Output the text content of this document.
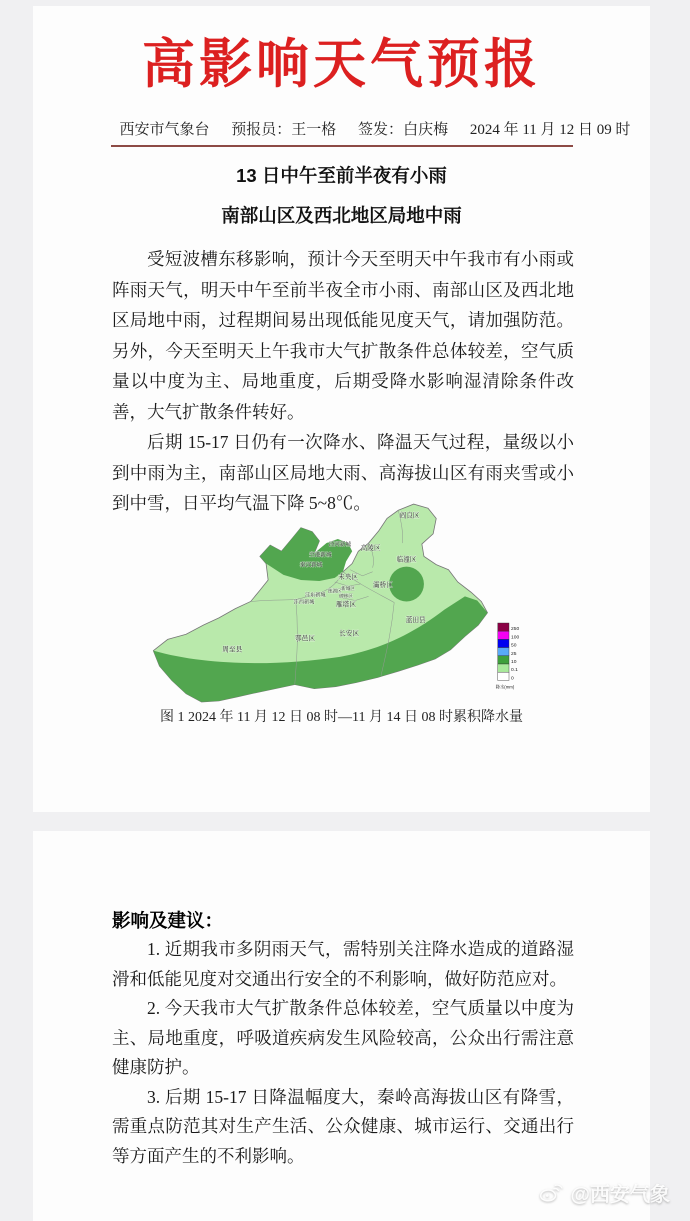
高影响天气预报
西安市气象台 预报员：王一格 签发：白庆梅 2024 年 11 月 12 日 09 时
13 日中午至前半夜有小雨
南部山区及西北地区局地中雨

受短波槽东移影响，预计今天至明天中午我市有小雨或阵雨天气，明天中午至前半夜全市小雨、南部山区及西北地区局地中雨，过程期间易出现低能见度天气，请加强防范。另外，今天至明天上午我市大气扩散条件总体较差，空气质量以中度为主、局地重度，后期受降水影响湿清除条件改善，大气扩散条件转好。

后期 15-17 日仍有一次降水、降温天气过程，量级以小到中雨为主，南部山区局地大雨、高海拔山区有雨夹雪或小到中雪，日平均气温下降 5~8℃。

阎良区
泾河新城
空港新城
秦汉新城
高陵区
临潼区
未央区
灞桥区
莲湖区 新城区
碑林区
沣东新城
沣西新城	雁塔区
蓝田县
长安区
鄠邑区
周至县
250
100
50
25
10
0.1
0
降水(mm)
图 1 2024 年 11 月 12 日 08 时—11 月 14 日 08 时累积降水量
影响及建议：

1. 近期我市多阴雨天气，需特别关注降水造成的道路湿滑和低能见度对交通出行安全的不利影响，做好防范应对。

2. 今天我市大气扩散条件总体较差，空气质量以中度为主、局地重度，呼吸道疾病发生风险较高，公众出行需注意健康防护。

3. 后期 15-17 日降温幅度大，秦岭高海拔山区有降雪，需重点防范其对生产生活、公众健康、城市运行、交通出行等方面产生的不利影响。

@西安气象
